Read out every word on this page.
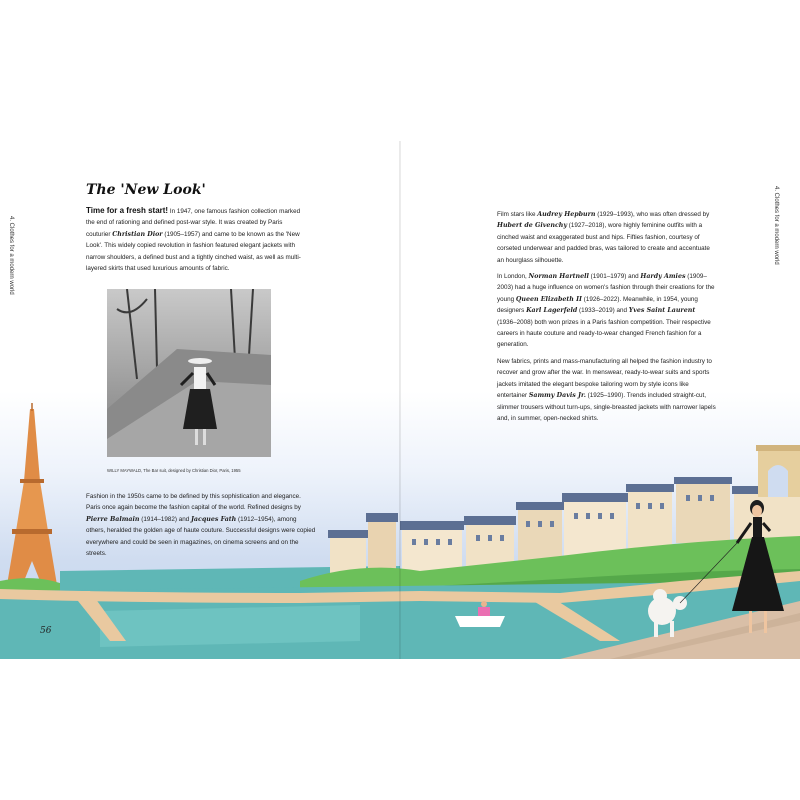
4. Clothes for a modern world	4. Clothes for a modern world
The 'New Look'

Time for a fresh start! In 1947, one famous fashion collection marked the end of rationing and defined post-war style. It was created by Paris couturier Christian Dior (1905–1957) and came to be known as the 'New Look'. This widely copied revolution in fashion featured elegant jackets with narrow shoulders, a defined bust and a tightly cinched waist, as well as multi-layered skirts that used luxurious amounts of fabric.

WILLY MAYWALD, The Bar suit, designed by Christian Dior, Paris, 1955

Fashion in the 1950s came to be defined by this sophistication and elegance. Paris once again become the fashion capital of the world. Refined designs by Pierre Balmain (1914–1982) and Jacques Fath (1912–1954), among others, heralded the golden age of haute couture. Successful designs were copied everywhere and could be seen in magazines, on cinema screens and on the streets.

56

Film stars like Audrey Hepburn (1929–1993), who was often dressed by Hubert de Givenchy (1927–2018), wore highly feminine outfits with a cinched waist and exaggerated bust and hips. Fifties fashion, courtesy of corseted underwear and padded bras, was tailored to create and accentuate an hourglass silhouette.

In London, Norman Hartnell (1901–1979) and Hardy Amies (1909–2003) had a huge influence on women's fashion through their creations for the young Queen Elizabeth II (1926–2022). Meanwhile, in 1954, young designers Karl Lagerfeld (1933–2019) and Yves Saint Laurent (1936–2008) both won prizes in a Paris fashion competition. Their respective careers in haute couture and ready-to-wear changed French fashion for a generation.

New fabrics, prints and mass-manufacturing all helped the fashion industry to recover and grow after the war. In menswear, ready-to-wear suits and sports jackets imitated the elegant bespoke tailoring worn by style icons like entertainer Sammy Davis Jr. (1925–1990). Trends included straight-cut, slimmer trousers without turn-ups, single-breasted jackets with narrower lapels and, in summer, open-necked shirts.
